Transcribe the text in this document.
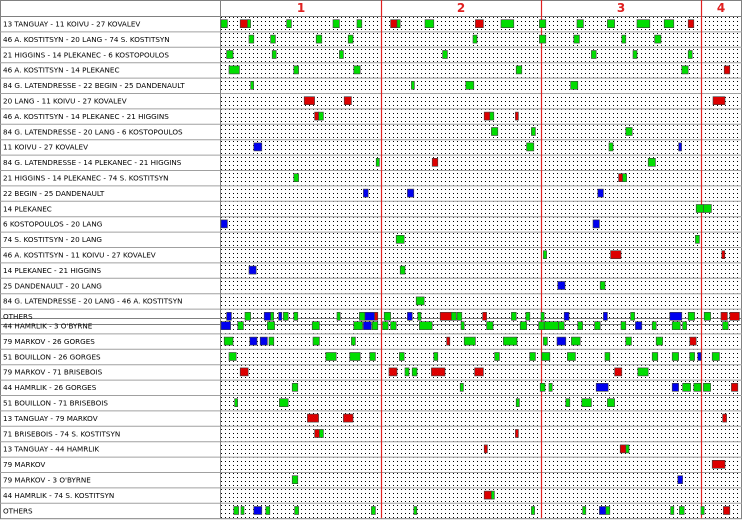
1	2	3	4
13 TANGUAY - 11 KOIVU - 27 KOVALEV
46 A. KOSTITSYN - 20 LANG - 74 S. KOSTITSYN
21 HIGGINS - 14 PLEKANEC - 6 KOSTOPOULOS
46 A. KOSTITSYN - 14 PLEKANEC
84 G. LATENDRESSE - 22 BEGIN - 25 DANDENAULT
20 LANG - 11 KOIVU - 27 KOVALEV
46 A. KOSTITSYN - 14 PLEKANEC - 21 HIGGINS
84 G. LATENDRESSE - 20 LANG - 6 KOSTOPOULOS
11 KOIVU - 27 KOVALEV
84 G. LATENDRESSE - 14 PLEKANEC - 21 HIGGINS
21 HIGGINS - 14 PLEKANEC - 74 S. KOSTITSYN
22 BEGIN - 25 DANDENAULT
14 PLEKANEC
6 KOSTOPOULOS - 20 LANG
74 S. KOSTITSYN - 20 LANG
46 A. KOSTITSYN - 11 KOIVU - 27 KOVALEV
14 PLEKANEC - 21 HIGGINS
25 DANDENAULT - 20 LANG
84 G. LATENDRESSE - 20 LANG - 46 A. KOSTITSYN
OTHERS
44 HAMRLIK - 3 O'BYRNE
79 MARKOV - 26 GORGES
51 BOUILLON - 26 GORGES
79 MARKOV - 71 BRISEBOIS
44 HAMRLIK - 26 GORGES
51 BOUILLON - 71 BRISEBOIS
13 TANGUAY - 79 MARKOV
71 BRISEBOIS - 74 S. KOSTITSYN
13 TANGUAY - 44 HAMRLIK
79 MARKOV
79 MARKOV - 3 O'BYRNE
44 HAMRLIK - 74 S. KOSTITSYN
OTHERS
